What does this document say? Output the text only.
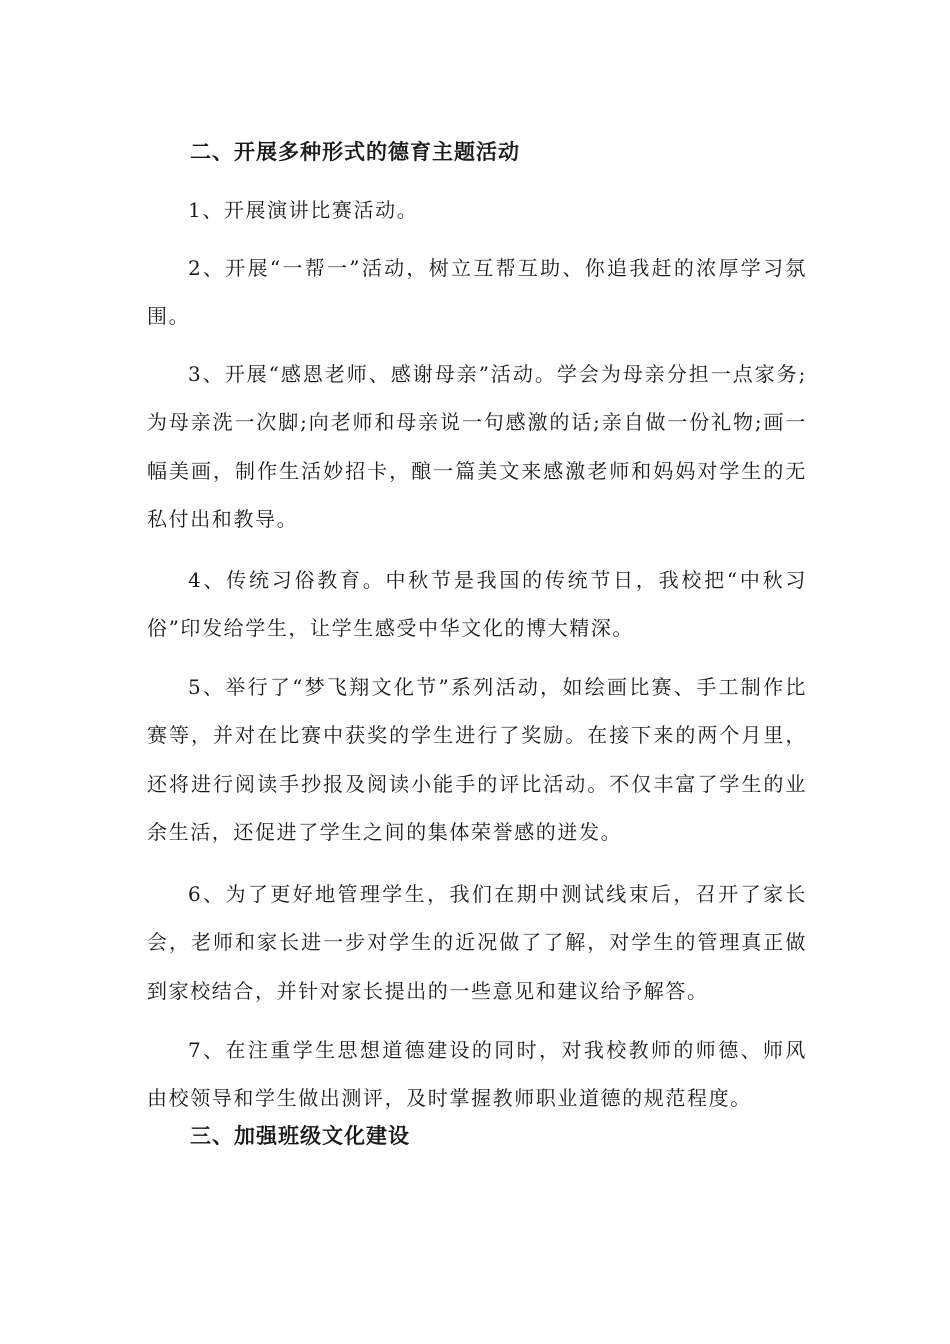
二、开展多种形式的德育主题活动

1、开展演讲比赛活动。

2、开展“一帮一”活动，树立互帮互助、你追我赶的浓厚学习氛围。

3、开展“感恩老师、感谢母亲”活动。学会为母亲分担一点家务;为母亲洗一次脚;向老师和母亲说一句感激的话;亲自做一份礼物;画一幅美画，制作生活妙招卡，酿一篇美文来感激老师和妈妈对学生的无私付出和教导。

4、传统习俗教育。中秋节是我国的传统节日，我校把“中秋习俗”印发给学生，让学生感受中华文化的博大精深。

5、举行了“梦飞翔文化节”系列活动，如绘画比赛、手工制作比赛等，并对在比赛中获奖的学生进行了奖励。在接下来的两个月里，还将进行阅读手抄报及阅读小能手的评比活动。不仅丰富了学生的业余生活，还促进了学生之间的集体荣誉感的迸发。

6、为了更好地管理学生，我们在期中测试线束后，召开了家长会，老师和家长进一步对学生的近况做了了解，对学生的管理真正做到家校结合，并针对家长提出的一些意见和建议给予解答。

7、在注重学生思想道德建设的同时，对我校教师的师德、师风由校领导和学生做出测评，及时掌握教师职业道德的规范程度。

三、加强班级文化建设
